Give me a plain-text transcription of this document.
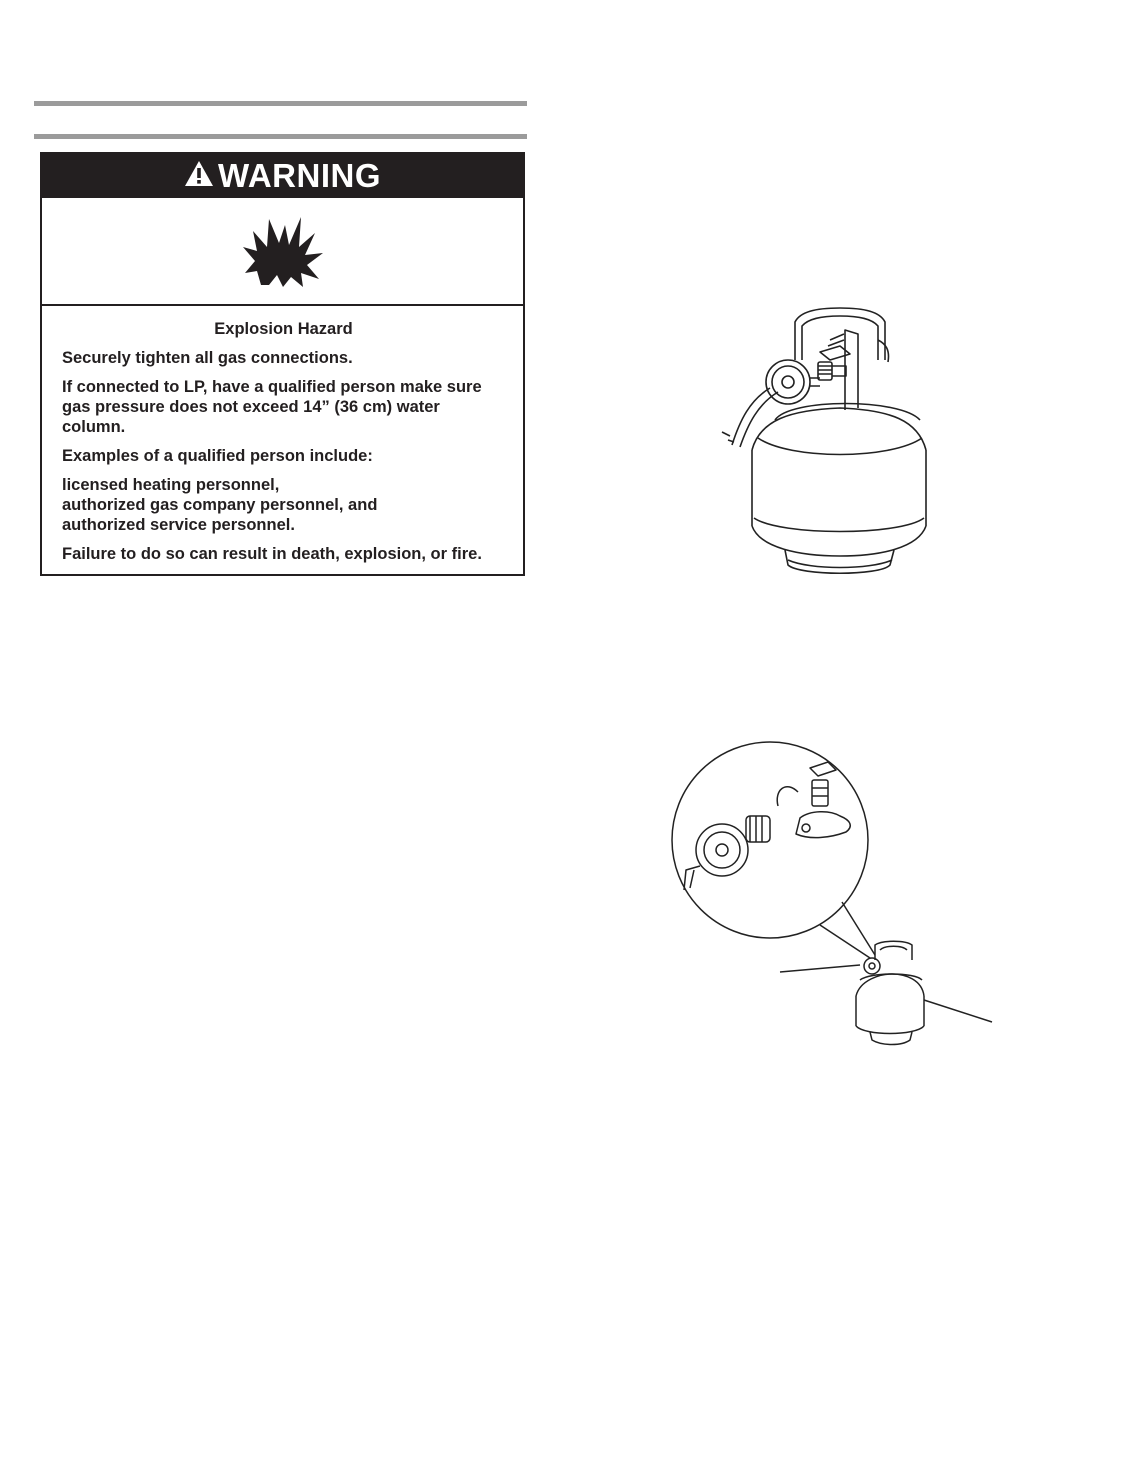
WARNING
Explosion Hazard

Securely tighten all gas connections.

If connected to LP, have a qualified person make sure gas pressure does not exceed 14” (36 cm) water column.

Examples of a qualified person include:

licensed heating personnel,
authorized gas company personnel, and
authorized service personnel.

Failure to do so can result in death, explosion, or fire.
